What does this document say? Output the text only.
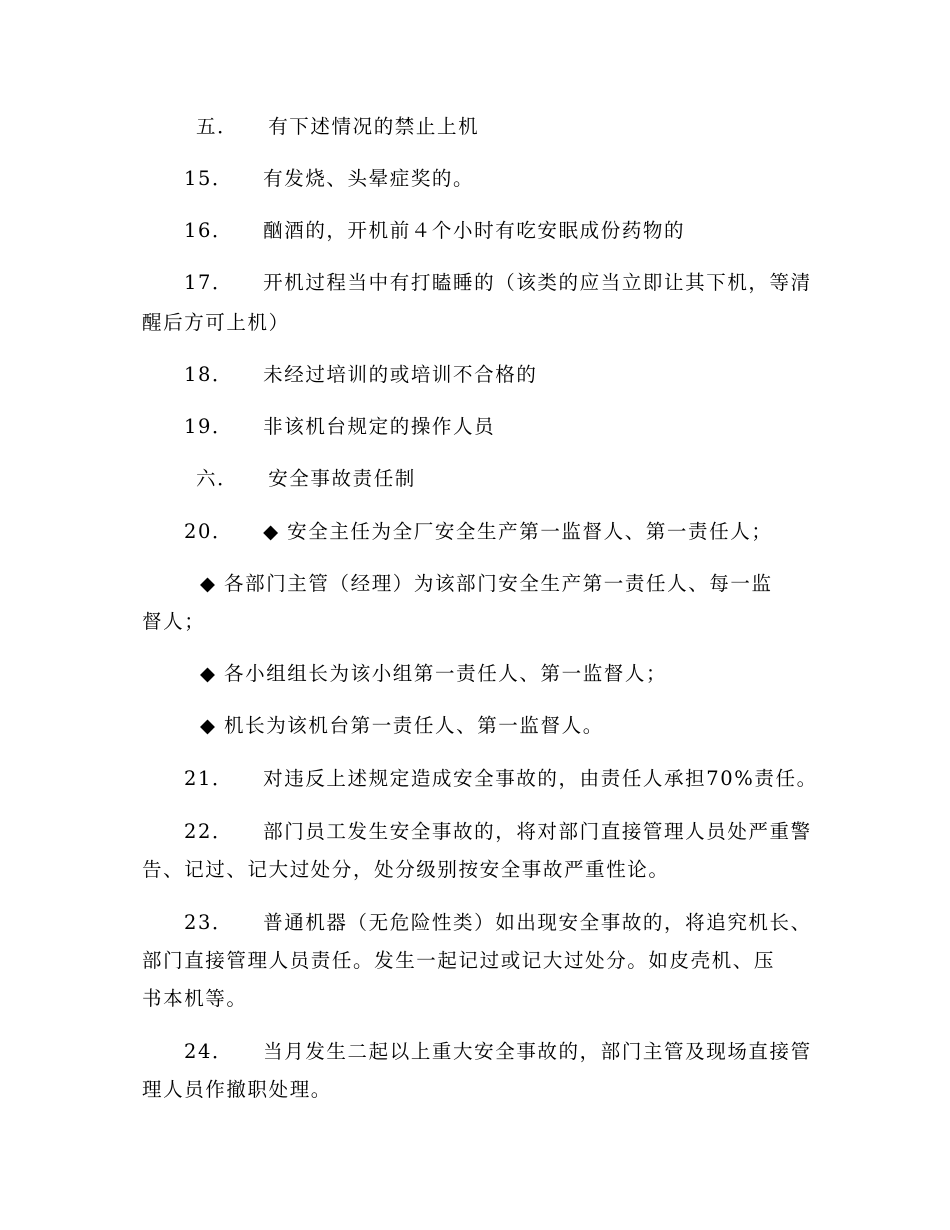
五． 有下述情况的禁止上机
15． 有发烧、头晕症奖的。
16． 酗酒的，开机前４个小时有吃安眠成份药物的
17． 开机过程当中有打瞌睡的（该类的应当立即让其下机，等清
醒后方可上机）
18． 未经过培训的或培训不合格的
19． 非该机台规定的操作人员
六． 安全事故责任制
20． ◆ 安全主任为全厂安全生产第一监督人、第一责任人；
◆ 各部门主管（经理）为该部门安全生产第一责任人、每一监
督人；
◆ 各小组组长为该小组第一责任人、第一监督人；
◆ 机长为该机台第一责任人、第一监督人。
21． 对违反上述规定造成安全事故的，由责任人承担70%责任。
22． 部门员工发生安全事故的，将对部门直接管理人员处严重警
告、记过、记大过处分，处分级别按安全事故严重性论。
23． 普通机器（无危险性类）如出现安全事故的，将追究机长、
部门直接管理人员责任。发生一起记过或记大过处分。如皮壳机、压
书本机等。
24． 当月发生二起以上重大安全事故的，部门主管及现场直接管
理人员作撤职处理。
